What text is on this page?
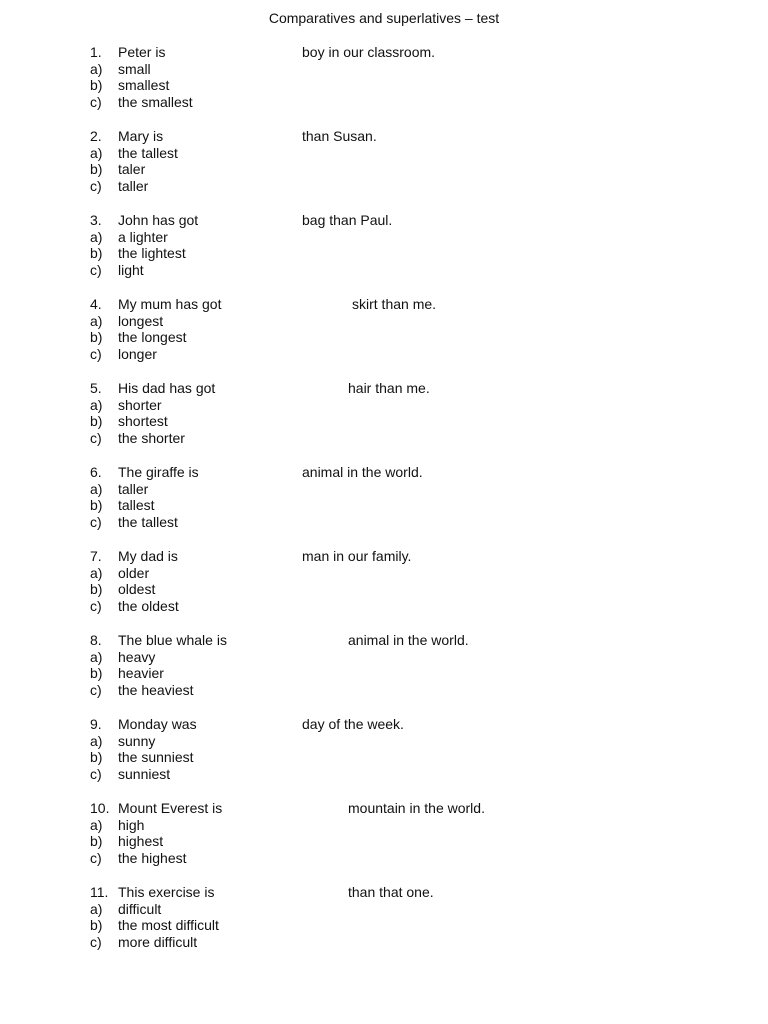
Comparatives and superlatives – test
1. Peter is	boy in our classroom.
a) small
b) smallest
c) the smallest
2. Mary is	than Susan.
a) the tallest
b) taler
c) taller
3. John has got	bag than Paul.
a) a lighter
b) the lightest
c) light
4. My mum has got	skirt than me.
a) longest
b) the longest
c) longer
5. His dad has got	hair than me.
a) shorter
b) shortest
c) the shorter
6. The giraffe is	animal in the world.
a) taller
b) tallest
c) the tallest
7. My dad is	man in our family.
a) older
b) oldest
c) the oldest
8. The blue whale is	animal in the world.
a) heavy
b) heavier
c) the heaviest
9. Monday was	day of the week.
a) sunny
b) the sunniest
c) sunniest
10. Mount Everest is	mountain in the world.
a) high
b) highest
c) the highest
11. This exercise is	than that one.
a) difficult
b) the most difficult
c) more difficult
